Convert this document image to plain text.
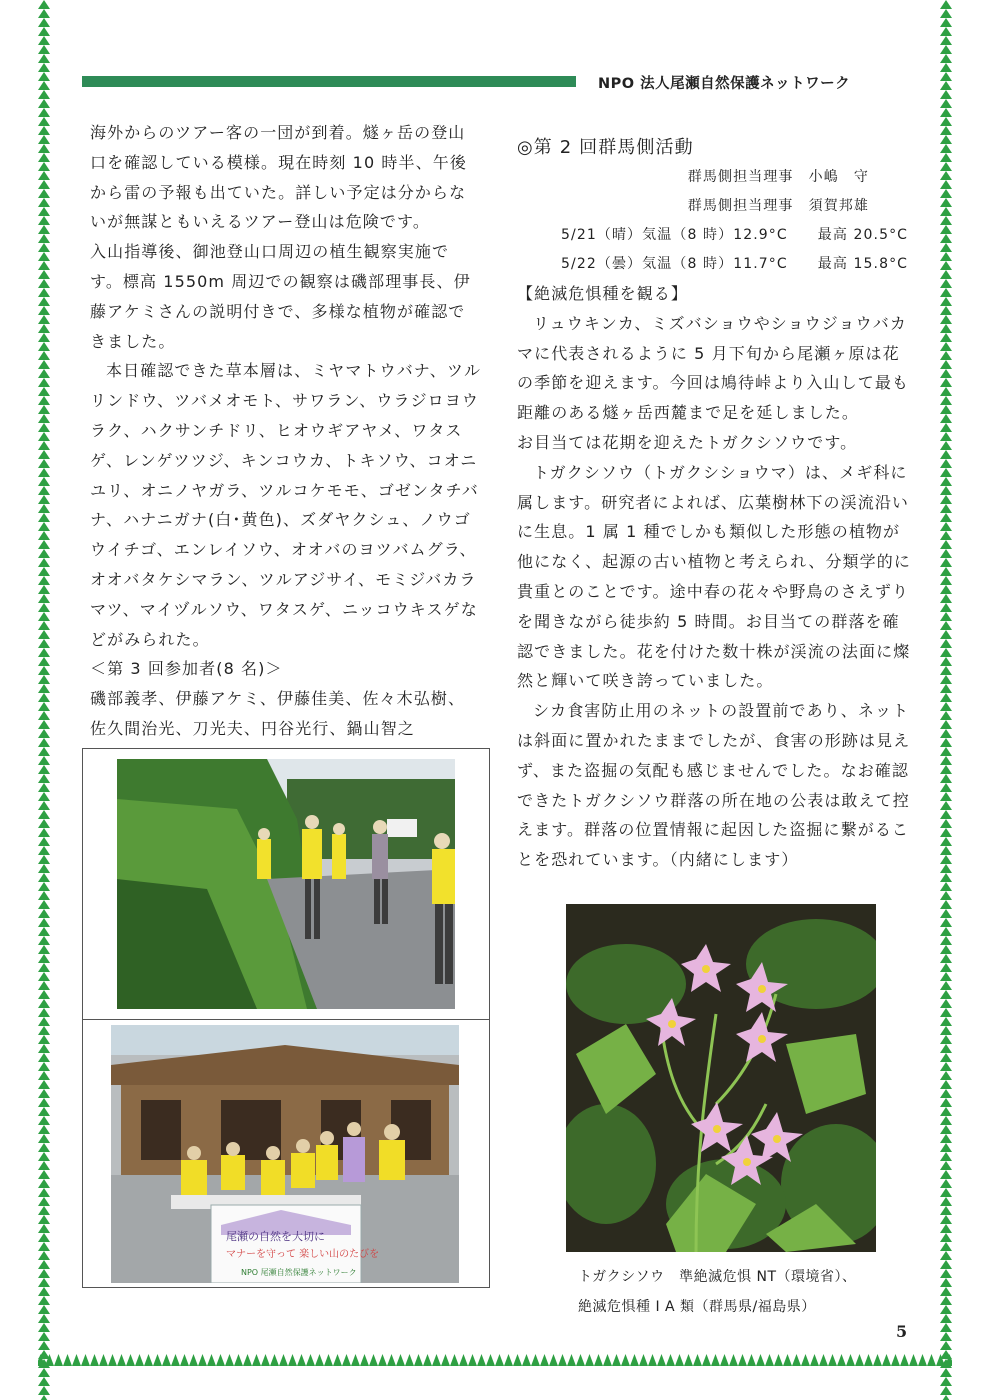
NPO 法人尾瀬自然保護ネットワーク

海外からのツアー客の一団が到着。燧ヶ岳の登山口を確認している模様。現在時刻 10 時半、午後から雷の予報も出ていた。詳しい予定は分からないが無謀ともいえるツアー登山は危険です。

入山指導後、御池登山口周辺の植生観察実施です。標高 1550m 周辺での観察は磯部理事長、伊藤アケミさんの説明付きで、多様な植物が確認できました。

本日確認できた草本層は、ミヤマトウバナ、ツルリンドウ、ツバメオモト、サワラン、ウラジロヨウラク、ハクサンチドリ、ヒオウギアヤメ、ワタスゲ、レンゲツツジ、キンコウカ、トキソウ、コオニユリ、オニノヤガラ、ツルコケモモ、ゴゼンタチバナ、ハナニガナ(白･黄色)、ズダヤクシュ、ノウゴウイチゴ、エンレイソウ、オオバのヨツバムグラ、オオバタケシマラン、ツルアジサイ、モミジバカラマツ、マイヅルソウ、ワタスゲ、ニッコウキスゲなどがみられた。

＜第 3 回参加者(8 名)＞

磯部義孝、伊藤アケミ、伊藤佳美、佐々木弘樹、佐久間治光、刀光夫、円谷光行、鍋山智之

尾瀬の自然を大切に
マナーを守って 楽しい山のたびを
NPO 尾瀬自然保護ネットワーク

◎第 2 回群馬側活動

群馬側担当理事　小嶋　守

群馬側担当理事　須賀邦雄

5/21（晴）気温（8 時）12.9°C 最高 20.5°C

5/22（曇）気温（8 時）11.7°C 最高 15.8°C

【絶滅危惧種を観る】

リュウキンカ、ミズバショウやショウジョウバカマに代表されるように 5 月下旬から尾瀬ヶ原は花の季節を迎えます。今回は鳩待峠より入山して最も距離のある燧ヶ岳西麓まで足を延しました。

お目当ては花期を迎えたトガクシソウです。

トガクシソウ（トガクシショウマ）は、メギ科に属します。研究者によれば、広葉樹林下の渓流沿いに生息。1 属 1 種でしかも類似した形態の植物が他になく、起源の古い植物と考えられ、分類学的に貴重とのことです。途中春の花々や野鳥のさえずりを聞きながら徒歩約 5 時間。お目当ての群落を確認できました。花を付けた数十株が渓流の法面に燦然と輝いて咲き誇っていました。

シカ食害防止用のネットの設置前であり、ネットは斜面に置かれたままでしたが、食害の形跡は見えず、また盗掘の気配も感じませんでした。なお確認できたトガクシソウ群落の所在地の公表は敢えて控えます。群落の位置情報に起因した盗掘に繋がることを恐れています。（内緒にします）

トガクシソウ　準絶滅危惧 NT（環境省）、
絶滅危惧種 I A 類（群馬県/福島県）
5
